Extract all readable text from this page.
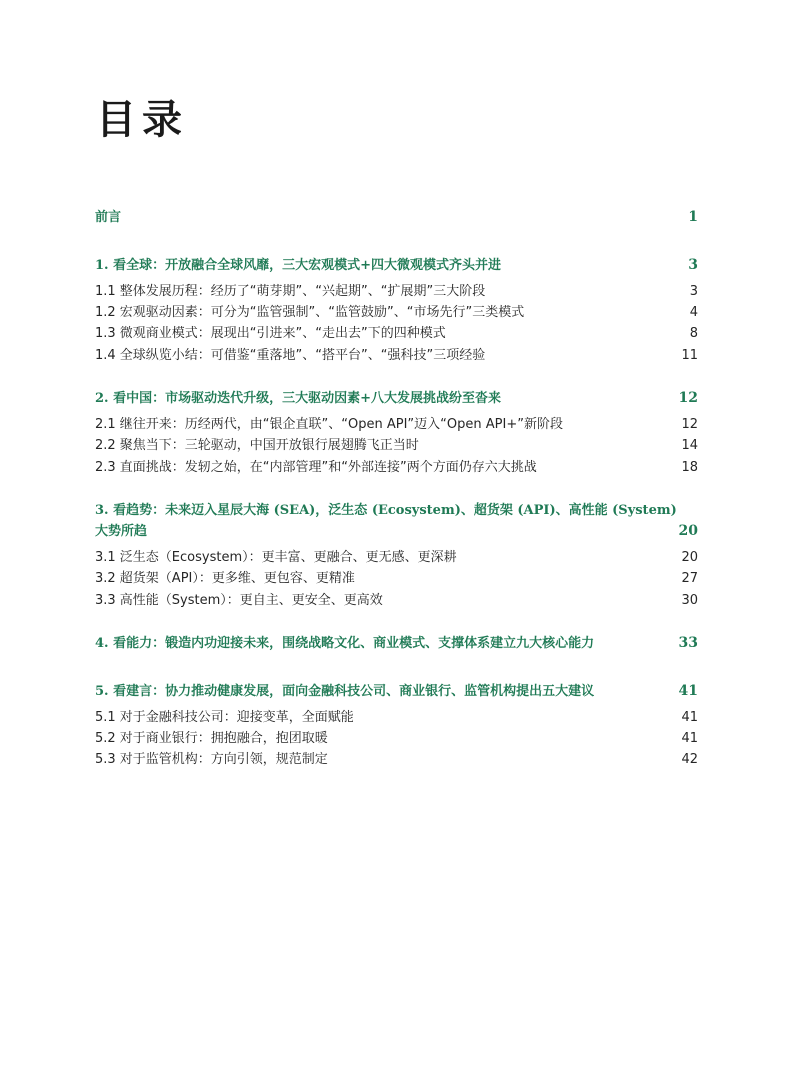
目录
前言	1
1. 看全球：开放融合全球风靡，三大宏观模式+四大微观模式齐头并进	3
1.1 整体发展历程：经历了“萌芽期”、“兴起期”、“扩展期”三大阶段	3
1.2 宏观驱动因素：可分为“监管强制”、“监管鼓励”、“市场先行”三类模式	4
1.3 微观商业模式：展现出“引进来”、“走出去”下的四种模式	8
1.4 全球纵览小结：可借鉴“重落地”、“搭平台”、“强科技”三项经验	11
2. 看中国：市场驱动迭代升级，三大驱动因素+八大发展挑战纷至沓来	12
2.1 继往开来：历经两代，由“银企直联”、“Open API”迈入“Open API+”新阶段	12
2.2 聚焦当下：三轮驱动，中国开放银行展翅腾飞正当时	14
2.3 直面挑战：发轫之始，在“内部管理”和“外部连接”两个方面仍存六大挑战	18
3. 看趋势：未来迈入星辰大海 (SEA)，泛生态 (Ecosystem)、超货架 (API)、高性能 (System)
大势所趋	20
3.1 泛生态（Ecosystem）：更丰富、更融合、更无感、更深耕	20
3.2 超货架（API）：更多维、更包容、更精准	27
3.3 高性能（System）：更自主、更安全、更高效	30
4. 看能力：锻造内功迎接未来，围绕战略文化、商业模式、支撑体系建立九大核心能力	33
5. 看建言：协力推动健康发展，面向金融科技公司、商业银行、监管机构提出五大建议	41
5.1 对于金融科技公司：迎接变革，全面赋能	41
5.2 对于商业银行：拥抱融合，抱团取暖	41
5.3 对于监管机构：方向引领，规范制定	42
